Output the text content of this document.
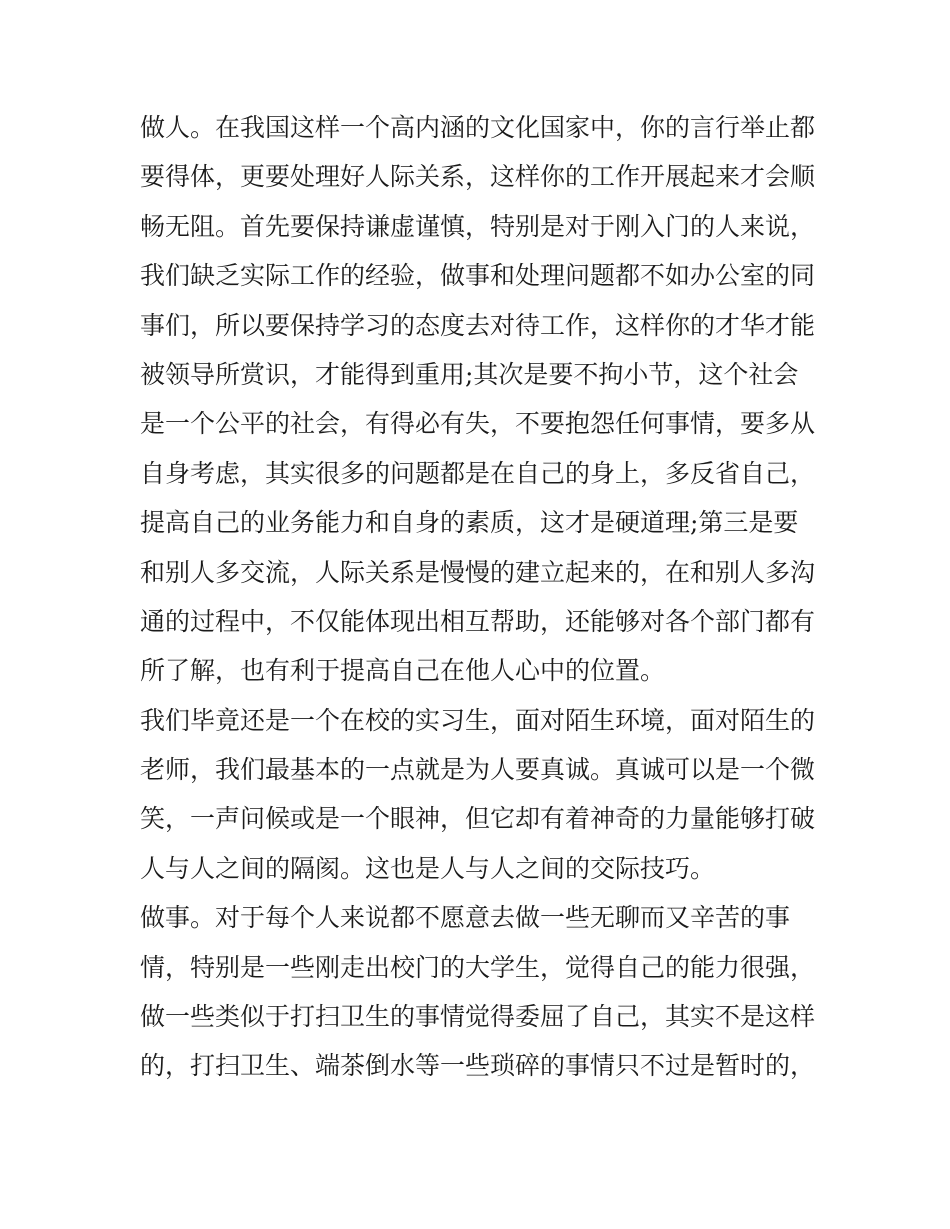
做人。在我国这样一个高内涵的文化国家中，你的言行举止都
要得体，更要处理好人际关系，这样你的工作开展起来才会顺
畅无阻。首先要保持谦虚谨慎，特别是对于刚入门的人来说，
我们缺乏实际工作的经验，做事和处理问题都不如办公室的同
事们，所以要保持学习的态度去对待工作，这样你的才华才能
被领导所赏识，才能得到重用;其次是要不拘小节，这个社会
是一个公平的社会，有得必有失，不要抱怨任何事情，要多从
自身考虑，其实很多的问题都是在自己的身上，多反省自己，
提高自己的业务能力和自身的素质，这才是硬道理;第三是要
和别人多交流，人际关系是慢慢的建立起来的，在和别人多沟
通的过程中，不仅能体现出相互帮助，还能够对各个部门都有
所了解，也有利于提高自己在他人心中的位置。
我们毕竟还是一个在校的实习生，面对陌生环境，面对陌生的
老师，我们最基本的一点就是为人要真诚。真诚可以是一个微
笑，一声问候或是一个眼神，但它却有着神奇的力量能够打破
人与人之间的隔阂。这也是人与人之间的交际技巧。
做事。对于每个人来说都不愿意去做一些无聊而又辛苦的事
情，特别是一些刚走出校门的大学生，觉得自己的能力很强，
做一些类似于打扫卫生的事情觉得委屈了自己，其实不是这样
的，打扫卫生、端茶倒水等一些琐碎的事情只不过是暂时的，
